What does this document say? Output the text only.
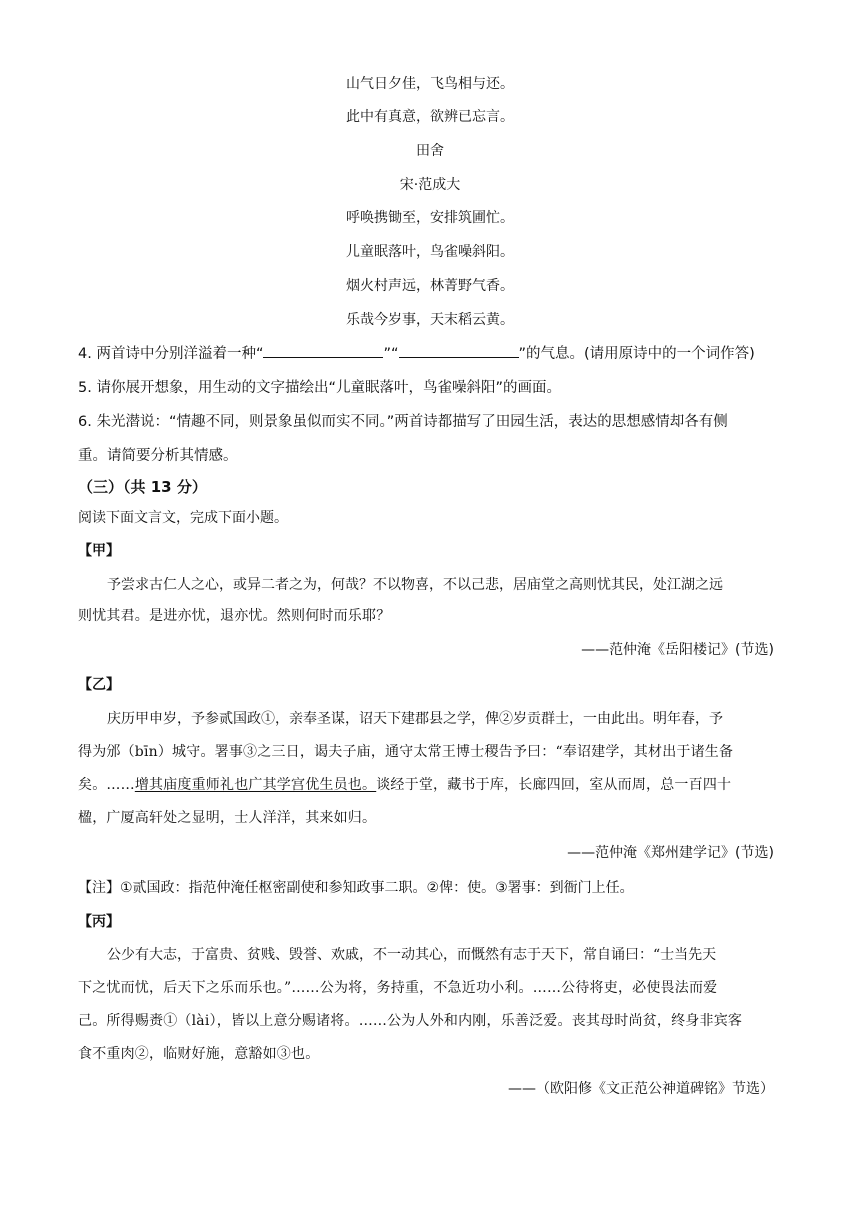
山气日夕佳，飞鸟相与还。
此中有真意，欲辨已忘言。
田舍
宋·范成大
呼唤携锄至，安排筑圃忙。
儿童眠落叶，鸟雀噪斜阳。
烟火村声远，林菁野气香。
乐哉今岁事，天末稻云黄。
4. 两首诗中分别洋溢着一种“	”“	”的气息。(请用原诗中的一个词作答)
5. 请你展开想象，用生动的文字描绘出“儿童眠落叶，鸟雀噪斜阳”的画面。
6. 朱光潜说：“情趣不同，则景象虽似而实不同。”两首诗都描写了田园生活，表达的思想感情却各有侧
重。请简要分析其情感。
（三）（共 13 分）
阅读下面文言文，完成下面小题。
【甲】
予尝求古仁人之心，或异二者之为，何哉？不以物喜，不以己悲，居庙堂之高则忧其民，处江湖之远
则忧其君。是进亦忧，退亦忧。然则何时而乐耶？
——范仲淹《岳阳楼记》(节选)
【乙】
庆历甲申岁，予参贰国政①，亲奉圣谋，诏天下建郡县之学，俾②岁贡群士，一由此出。明年春，予
得为邠（bīn）城守。署事③之三日，谒夫子庙，通守太常王博士稷告予曰：“奉诏建学，其材出于诸生备
矣。……增其庙度重师礼也广其学宫优生员也。谈经于堂，藏书于库，长廊四回，室从而周，总一百四十
楹，广厦高轩处之显明，士人洋洋，其来如归。
——范仲淹《郑州建学记》(节选)
【注】①贰国政：指范仲淹任枢密副使和参知政事二职。②俾：使。③署事：到衙门上任。
【丙】
公少有大志，于富贵、贫贱、毁誉、欢戚，不一动其心，而慨然有志于天下，常自诵曰：“士当先天
下之忧而忧，后天下之乐而乐也。”……公为将，务持重，不急近功小利。……公待将吏，必使畏法而爱
己。所得赐赉①（lài），皆以上意分赐诸将。……公为人外和内刚，乐善泛爱。丧其母时尚贫，终身非宾客
食不重肉②，临财好施，意豁如③也。
——（欧阳修《文正范公神道碑铭》节选）
